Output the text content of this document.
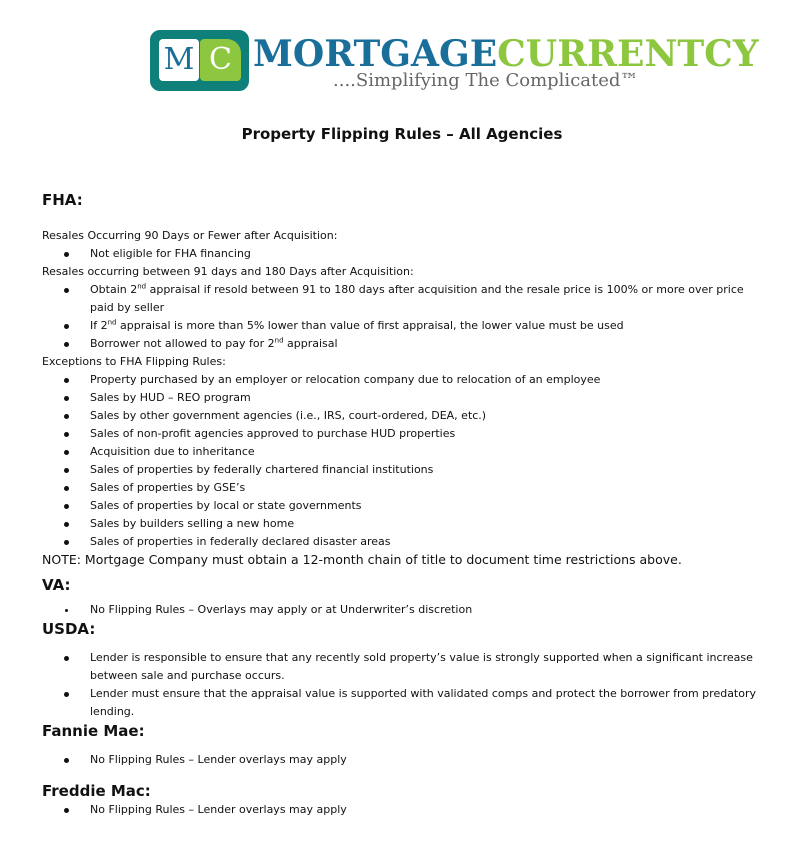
M C MORTGAGECURRENTCY
....Simplifying The Complicated™
Property Flipping Rules – All Agencies
FHA:

Resales Occurring 90 Days or Fewer after Acquisition:

Not eligible for FHA financing

Resales occurring between 91 days and 180 Days after Acquisition:

Obtain 2nd appraisal if resold between 91 to 180 days after acquisition and the resale price is 100% or more over price paid by seller
If 2nd appraisal is more than 5% lower than value of first appraisal, the lower value must be used
Borrower not allowed to pay for 2nd appraisal

Exceptions to FHA Flipping Rules:

Property purchased by an employer or relocation company due to relocation of an employee
Sales by HUD – REO program
Sales by other government agencies (i.e., IRS, court-ordered, DEA, etc.)
Sales of non-profit agencies approved to purchase HUD properties
Acquisition due to inheritance
Sales of properties by federally chartered financial institutions
Sales of properties by GSE’s
Sales of properties by local or state governments
Sales by builders selling a new home
Sales of properties in federally declared disaster areas

NOTE: Mortgage Company must obtain a 12-month chain of title to document time restrictions above.

VA:
No Flipping Rules – Overlays may apply or at Underwriter’s discretion
USDA:
Lender is responsible to ensure that any recently sold property’s value is strongly supported when a significant increase between sale and purchase occurs.
Lender must ensure that the appraisal value is supported with validated comps and protect the borrower from predatory lending.
Fannie Mae:
No Flipping Rules – Lender overlays may apply
Freddie Mac:
No Flipping Rules – Lender overlays may apply
